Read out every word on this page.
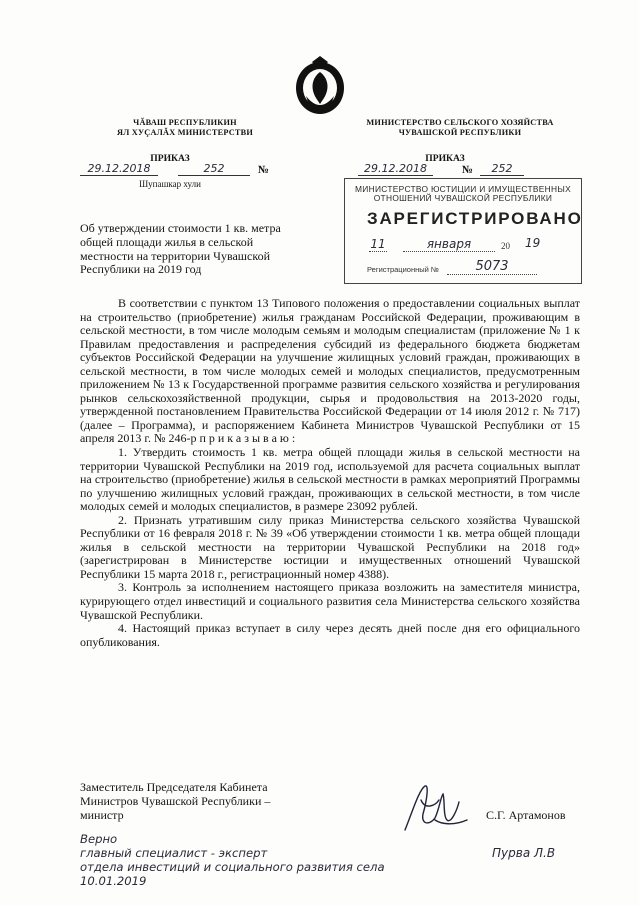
ЧĂВАШ РЕСПУБЛИКИН
ЯЛ ХУÇАЛĂХ МИНИСТЕРСТВИ
МИНИСТЕРСТВО СЕЛЬСКОГО ХОЗЯЙСТВА
ЧУВАШСКОЙ РЕСПУБЛИКИ
ПРИКАЗ	ПРИКАЗ
29.12.2018	252	№
Шупашкар хули
29.12.2018	№	252
МИНИСТЕРСТВО ЮСТИЦИИ И ИМУЩЕСТВЕННЫХ
ОТНОШЕНИЙ ЧУВАШСКОЙ РЕСПУБЛИКИ
ЗАРЕГИСТРИРОВАНО
11	января	20 19
Регистрационный №	5073
Об утверждении стоимости 1 кв. метра общей площади жилья в сельской местности на территории Чувашской Республики на 2019 год

В соответствии с пунктом 13 Типового положения о предоставлении социальных выплат на строительство (приобретение) жилья гражданам Российской Федерации, проживающим в сельской местности, в том числе молодым семьям и молодым специалистам (приложение № 1 к Правилам предоставления и распределения субсидий из федерального бюджета бюджетам субъектов Российской Федерации на улучшение жилищных условий граждан, проживающих в сельской местности, в том числе молодых семей и молодых специалистов, предусмотренным приложением № 13 к Государственной программе развития сельского хозяйства и регулирования рынков сельскохозяйственной продукции, сырья и продовольствия на 2013-2020 годы, утвержденной постановлением Правительства Российской Федерации от 14 июля 2012 г. № 717) (далее – Программа), и распоряжением Кабинета Министров Чувашской Республики от 15 апреля 2013 г. № 246-р приказываю:

1. Утвердить стоимость 1 кв. метра общей площади жилья в сельской местности на территории Чувашской Республики на 2019 год, используемой для расчета социальных выплат на строительство (приобретение) жилья в сельской местности в рамках мероприятий Программы по улучшению жилищных условий граждан, проживающих в сельской местности, в том числе молодых семей и молодых специалистов, в размере 23092 рублей.

2. Признать утратившим силу приказ Министерства сельского хозяйства Чувашской Республики от 16 февраля 2018 г. № 39 «Об утверждении стоимости 1 кв. метра общей площади жилья в сельской местности на территории Чувашской Республики на 2018 год» (зарегистрирован в Министерстве юстиции и имущественных отношений Чувашской Республики 15 марта 2018 г., регистрационный номер 4388).

3. Контроль за исполнением настоящего приказа возложить на заместителя министра, курирующего отдел инвестиций и социального развития села Министерства сельского хозяйства Чувашской Республики.

4. Настоящий приказ вступает в силу через десять дней после дня его официального опубликования.

Заместитель Председателя Кабинета
Министров Чувашской Республики –
министр	С.Г. Артамонов
Верно
главный специалист - эксперт
отдела инвестиций и социального развития села
10.01.2019
Пурва Л.В
